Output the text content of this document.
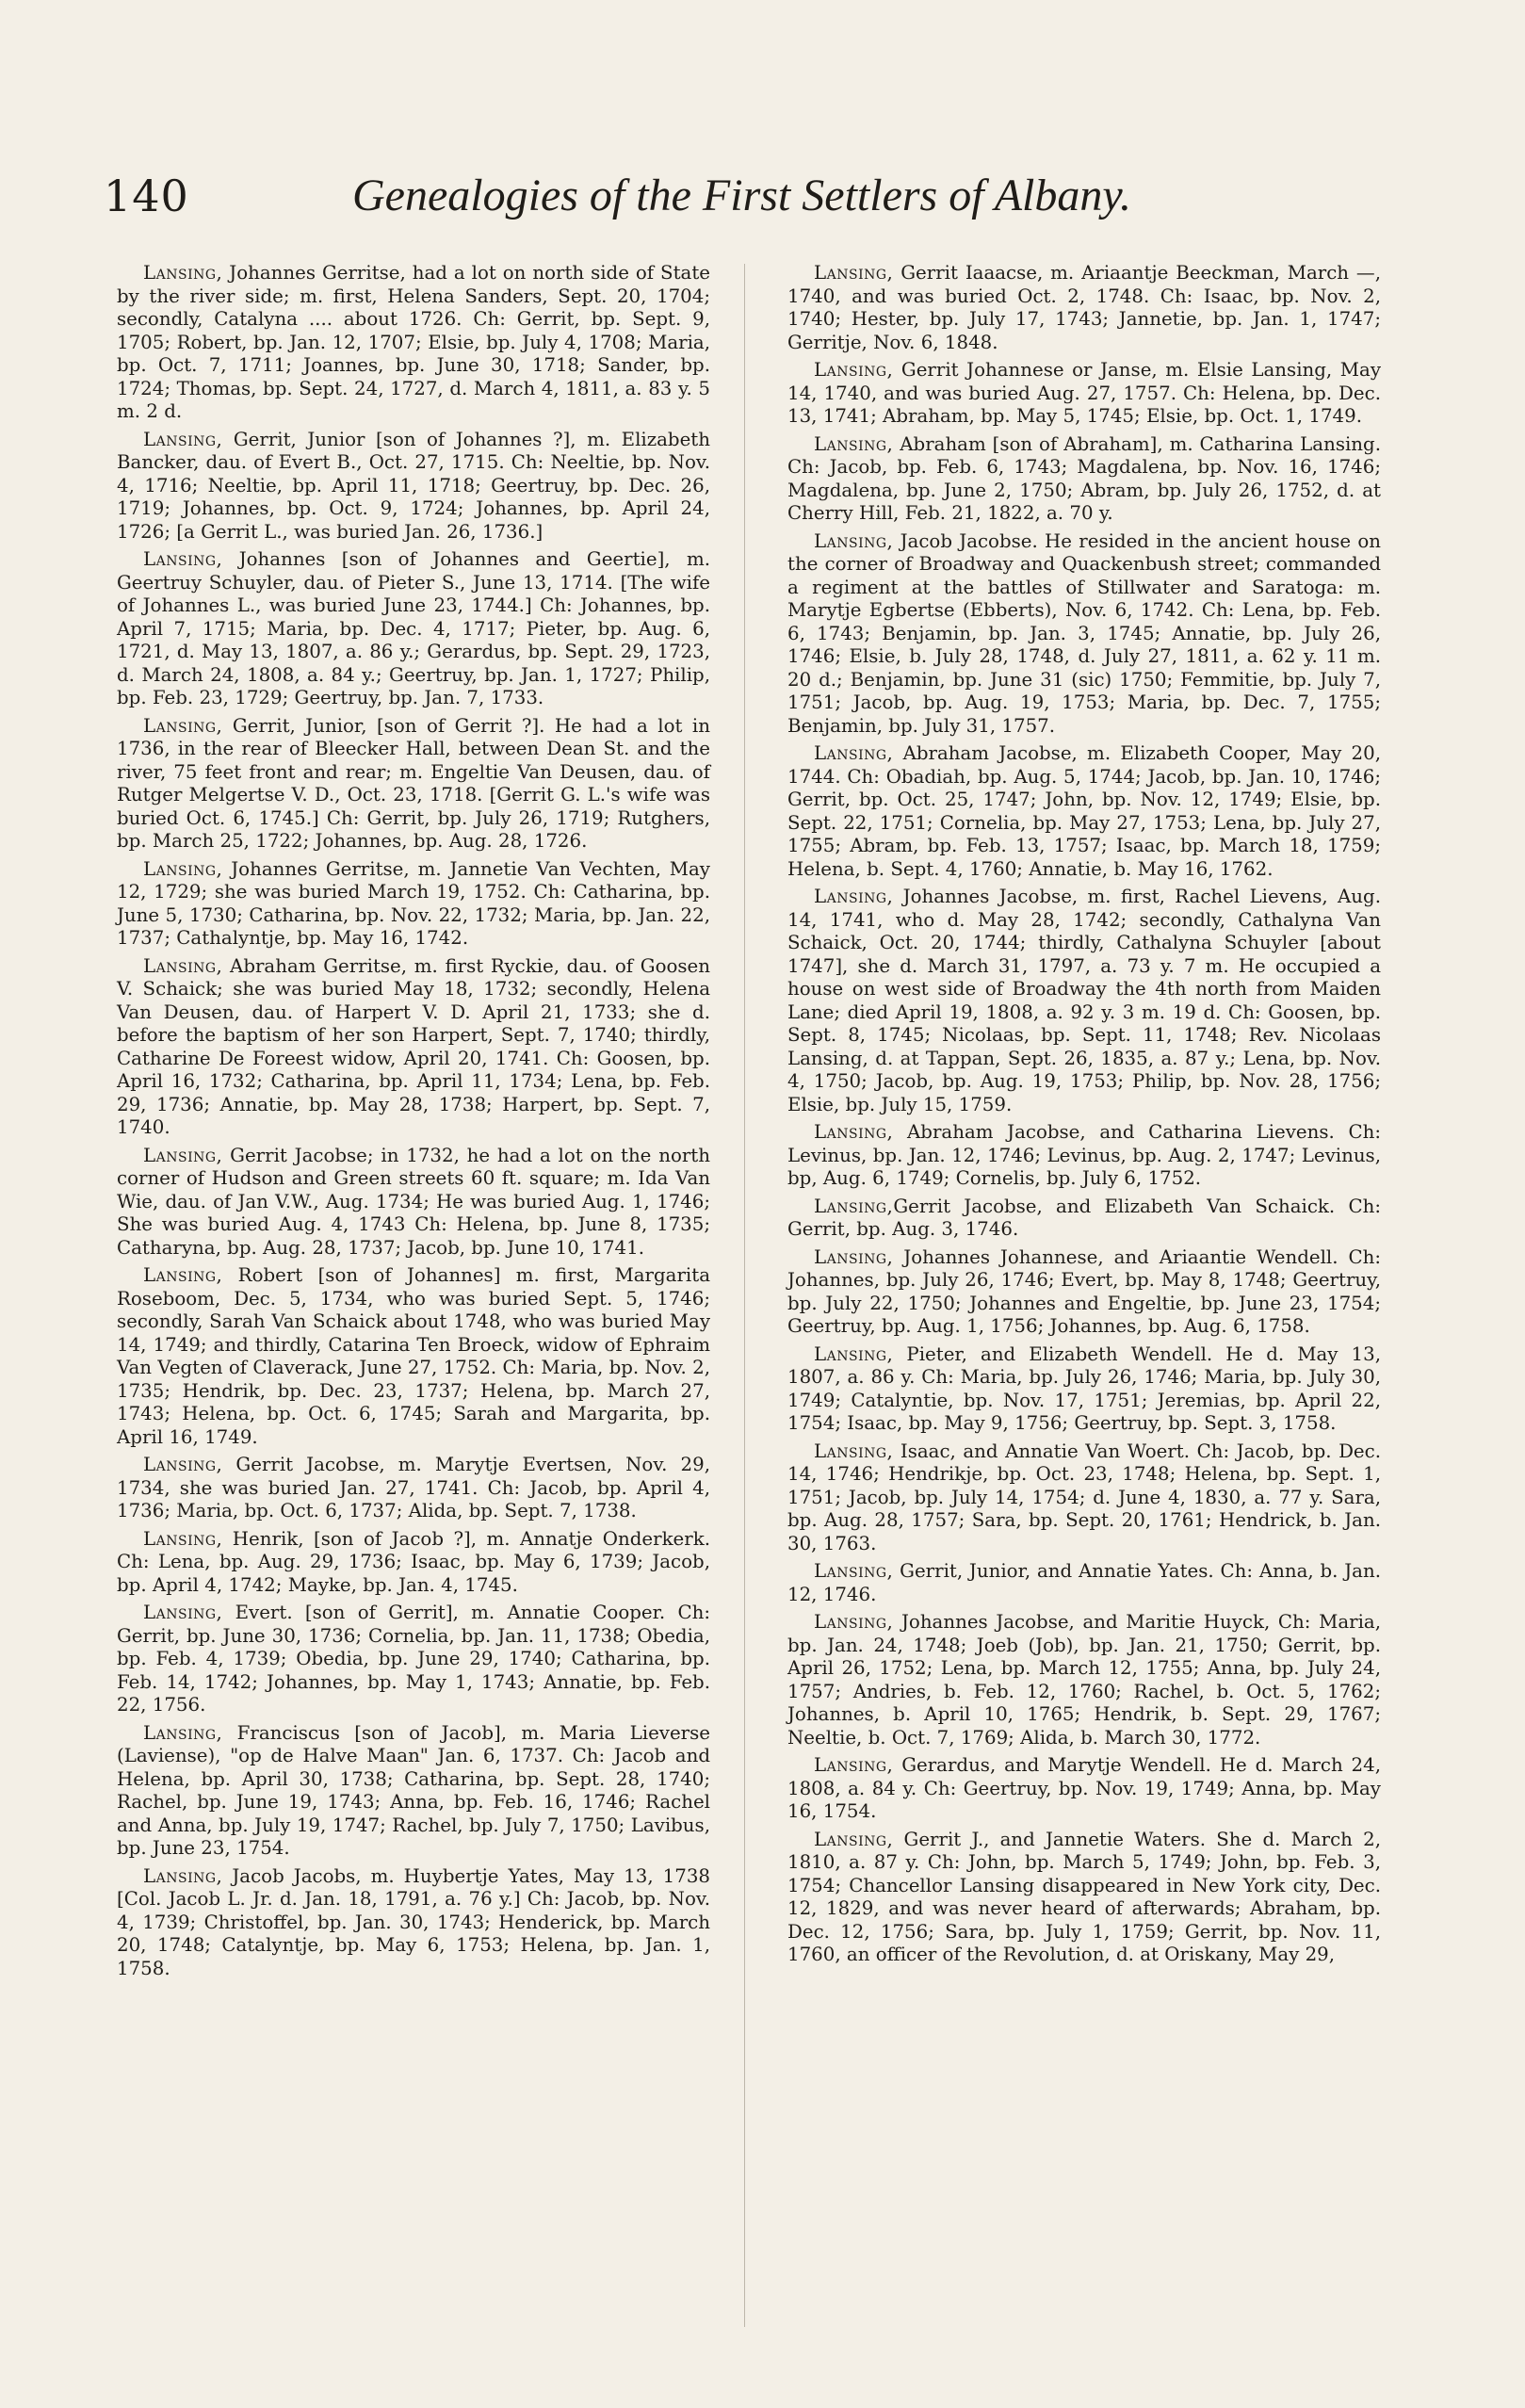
140	Genealogies of the First Settlers of Albany.

Lansing, Johannes Gerritse, had a lot on north side of State by the river side; m. first, Helena Sanders, Sept. 20, 1704; secondly, Catalyna .... about 1726. Ch: Gerrit, bp. Sept. 9, 1705; Robert, bp. Jan. 12, 1707; Elsie, bp. July 4, 1708; Maria, bp. Oct. 7, 1711; Joannes, bp. June 30, 1718; Sander, bp. 1724; Thomas, bp. Sept. 24, 1727, d. March 4, 1811, a. 83 y. 5 m. 2 d.

Lansing, Gerrit, Junior [son of Johannes ?], m. Elizabeth Bancker, dau. of Evert B., Oct. 27, 1715. Ch: Neeltie, bp. Nov. 4, 1716; Neeltie, bp. April 11, 1718; Geertruy, bp. Dec. 26, 1719; Johannes, bp. Oct. 9, 1724; Johannes, bp. April 24, 1726; [a Gerrit L., was buried Jan. 26, 1736.]

Lansing, Johannes [son of Johannes and Geertie], m. Geertruy Schuyler, dau. of Pieter S., June 13, 1714. [The wife of Johannes L., was buried June 23, 1744.] Ch: Johannes, bp. April 7, 1715; Maria, bp. Dec. 4, 1717; Pieter, bp. Aug. 6, 1721, d. May 13, 1807, a. 86 y.; Gerardus, bp. Sept. 29, 1723, d. March 24, 1808, a. 84 y.; Geertruy, bp. Jan. 1, 1727; Philip, bp. Feb. 23, 1729; Geertruy, bp. Jan. 7, 1733.

Lansing, Gerrit, Junior, [son of Gerrit ?]. He had a lot in 1736, in the rear of Bleecker Hall, between Dean St. and the river, 75 feet front and rear; m. Engeltie Van Deusen, dau. of Rutger Melgertse V. D., Oct. 23, 1718. [Gerrit G. L.'s wife was buried Oct. 6, 1745.] Ch: Gerrit, bp. July 26, 1719; Rutghers, bp. March 25, 1722; Johannes, bp. Aug. 28, 1726.

Lansing, Johannes Gerritse, m. Jannetie Van Vechten, May 12, 1729; she was buried March 19, 1752. Ch: Catharina, bp. June 5, 1730; Catharina, bp. Nov. 22, 1732; Maria, bp. Jan. 22, 1737; Cathalyntje, bp. May 16, 1742.

Lansing, Abraham Gerritse, m. first Ryckie, dau. of Goosen V. Schaick; she was buried May 18, 1732; secondly, Helena Van Deusen, dau. of Harpert V. D. April 21, 1733; she d. before the baptism of her son Harpert, Sept. 7, 1740; thirdly, Catharine De Foreest widow, April 20, 1741. Ch: Goosen, bp. April 16, 1732; Catharina, bp. April 11, 1734; Lena, bp. Feb. 29, 1736; Annatie, bp. May 28, 1738; Harpert, bp. Sept. 7, 1740.

Lansing, Gerrit Jacobse; in 1732, he had a lot on the north corner of Hudson and Green streets 60 ft. square; m. Ida Van Wie, dau. of Jan V.W., Aug. 1734; He was buried Aug. 1, 1746; She was buried Aug. 4, 1743 Ch: Helena, bp. June 8, 1735; Catharyna, bp. Aug. 28, 1737; Jacob, bp. June 10, 1741.

Lansing, Robert [son of Johannes] m. first, Margarita Roseboom, Dec. 5, 1734, who was buried Sept. 5, 1746; secondly, Sarah Van Schaick about 1748, who was buried May 14, 1749; and thirdly, Catarina Ten Broeck, widow of Ephraim Van Vegten of Claverack, June 27, 1752. Ch: Maria, bp. Nov. 2, 1735; Hendrik, bp. Dec. 23, 1737; Helena, bp. March 27, 1743; Helena, bp. Oct. 6, 1745; Sarah and Margarita, bp. April 16, 1749.

Lansing, Gerrit Jacobse, m. Marytje Evertsen, Nov. 29, 1734, she was buried Jan. 27, 1741. Ch: Jacob, bp. April 4, 1736; Maria, bp. Oct. 6, 1737; Alida, bp. Sept. 7, 1738.

Lansing, Henrik, [son of Jacob ?], m. Annatje Onderkerk. Ch: Lena, bp. Aug. 29, 1736; Isaac, bp. May 6, 1739; Jacob, bp. April 4, 1742; Mayke, bp. Jan. 4, 1745.

Lansing, Evert. [son of Gerrit], m. Annatie Cooper. Ch: Gerrit, bp. June 30, 1736; Cornelia, bp. Jan. 11, 1738; Obedia, bp. Feb. 4, 1739; Obedia, bp. June 29, 1740; Catharina, bp. Feb. 14, 1742; Johannes, bp. May 1, 1743; Annatie, bp. Feb. 22, 1756.

Lansing, Franciscus [son of Jacob], m. Maria Lieverse (Laviense), "op de Halve Maan" Jan. 6, 1737. Ch: Jacob and Helena, bp. April 30, 1738; Catharina, bp. Sept. 28, 1740; Rachel, bp. June 19, 1743; Anna, bp. Feb. 16, 1746; Rachel and Anna, bp. July 19, 1747; Rachel, bp. July 7, 1750; Lavibus, bp. June 23, 1754.

Lansing, Jacob Jacobs, m. Huybertje Yates, May 13, 1738 [Col. Jacob L. Jr. d. Jan. 18, 1791, a. 76 y.] Ch: Jacob, bp. Nov. 4, 1739; Christoffel, bp. Jan. 30, 1743; Henderick, bp. March 20, 1748; Catalyntje, bp. May 6, 1753; Helena, bp. Jan. 1, 1758.

Lansing, Gerrit Iaaacse, m. Ariaantje Beeckman, March —, 1740, and was buried Oct. 2, 1748. Ch: Isaac, bp. Nov. 2, 1740; Hester, bp. July 17, 1743; Jannetie, bp. Jan. 1, 1747; Gerritje, Nov. 6, 1848.

Lansing, Gerrit Johannese or Janse, m. Elsie Lansing, May 14, 1740, and was buried Aug. 27, 1757. Ch: Helena, bp. Dec. 13, 1741; Abraham, bp. May 5, 1745; Elsie, bp. Oct. 1, 1749.

Lansing, Abraham [son of Abraham], m. Catharina Lansing. Ch: Jacob, bp. Feb. 6, 1743; Magdalena, bp. Nov. 16, 1746; Magdalena, bp. June 2, 1750; Abram, bp. July 26, 1752, d. at Cherry Hill, Feb. 21, 1822, a. 70 y.

Lansing, Jacob Jacobse. He resided in the ancient house on the corner of Broadway and Quackenbush street; commanded a regiment at the battles of Stillwater and Saratoga: m. Marytje Egbertse (Ebberts), Nov. 6, 1742. Ch: Lena, bp. Feb. 6, 1743; Benjamin, bp. Jan. 3, 1745; Annatie, bp. July 26, 1746; Elsie, b. July 28, 1748, d. July 27, 1811, a. 62 y. 11 m. 20 d.; Benjamin, bp. June 31 (sic) 1750; Femmitie, bp. July 7, 1751; Jacob, bp. Aug. 19, 1753; Maria, bp. Dec. 7, 1755; Benjamin, bp. July 31, 1757.

Lansing, Abraham Jacobse, m. Elizabeth Cooper, May 20, 1744. Ch: Obadiah, bp. Aug. 5, 1744; Jacob, bp. Jan. 10, 1746; Gerrit, bp. Oct. 25, 1747; John, bp. Nov. 12, 1749; Elsie, bp. Sept. 22, 1751; Cornelia, bp. May 27, 1753; Lena, bp. July 27, 1755; Abram, bp. Feb. 13, 1757; Isaac, bp. March 18, 1759; Helena, b. Sept. 4, 1760; Annatie, b. May 16, 1762.

Lansing, Johannes Jacobse, m. first, Rachel Lievens, Aug. 14, 1741, who d. May 28, 1742; secondly, Cathalyna Van Schaick, Oct. 20, 1744; thirdly, Cathalyna Schuyler [about 1747], she d. March 31, 1797, a. 73 y. 7 m. He occupied a house on west side of Broadway the 4th north from Maiden Lane; died April 19, 1808, a. 92 y. 3 m. 19 d. Ch: Goosen, bp. Sept. 8, 1745; Nicolaas, bp. Sept. 11, 1748; Rev. Nicolaas Lansing, d. at Tappan, Sept. 26, 1835, a. 87 y.; Lena, bp. Nov. 4, 1750; Jacob, bp. Aug. 19, 1753; Philip, bp. Nov. 28, 1756; Elsie, bp. July 15, 1759.

Lansing, Abraham Jacobse, and Catharina Lievens. Ch: Levinus, bp. Jan. 12, 1746; Levinus, bp. Aug. 2, 1747; Levinus, bp, Aug. 6, 1749; Cornelis, bp. July 6, 1752.

Lansing,Gerrit Jacobse, and Elizabeth Van Schaick. Ch: Gerrit, bp. Aug. 3, 1746.

Lansing, Johannes Johannese, and Ariaantie Wendell. Ch: Johannes, bp. July 26, 1746; Evert, bp. May 8, 1748; Geertruy, bp. July 22, 1750; Johannes and Engeltie, bp. June 23, 1754; Geertruy, bp. Aug. 1, 1756; Johannes, bp. Aug. 6, 1758.

Lansing, Pieter, and Elizabeth Wendell. He d. May 13, 1807, a. 86 y. Ch: Maria, bp. July 26, 1746; Maria, bp. July 30, 1749; Catalyntie, bp. Nov. 17, 1751; Jeremias, bp. April 22, 1754; Isaac, bp. May 9, 1756; Geertruy, bp. Sept. 3, 1758.

Lansing, Isaac, and Annatie Van Woert. Ch: Jacob, bp. Dec. 14, 1746; Hendrikje, bp. Oct. 23, 1748; Helena, bp. Sept. 1, 1751; Jacob, bp. July 14, 1754; d. June 4, 1830, a. 77 y. Sara, bp. Aug. 28, 1757; Sara, bp. Sept. 20, 1761; Hendrick, b. Jan. 30, 1763.

Lansing, Gerrit, Junior, and Annatie Yates. Ch: Anna, b. Jan. 12, 1746.

Lansing, Johannes Jacobse, and Maritie Huyck, Ch: Maria, bp. Jan. 24, 1748; Joeb (Job), bp. Jan. 21, 1750; Gerrit, bp. April 26, 1752; Lena, bp. March 12, 1755; Anna, bp. July 24, 1757; Andries, b. Feb. 12, 1760; Rachel, b. Oct. 5, 1762; Johannes, b. April 10, 1765; Hendrik, b. Sept. 29, 1767; Neeltie, b. Oct. 7, 1769; Alida, b. March 30, 1772.

Lansing, Gerardus, and Marytje Wendell. He d. March 24, 1808, a. 84 y. Ch: Geertruy, bp. Nov. 19, 1749; Anna, bp. May 16, 1754.

Lansing, Gerrit J., and Jannetie Waters. She d. March 2, 1810, a. 87 y. Ch: John, bp. March 5, 1749; John, bp. Feb. 3, 1754; Chancellor Lansing disappeared in New York city, Dec. 12, 1829, and was never heard of afterwards; Abraham, bp. Dec. 12, 1756; Sara, bp. July 1, 1759; Gerrit, bp. Nov. 11, 1760, an officer of the Revolution, d. at Oriskany, May 29,
